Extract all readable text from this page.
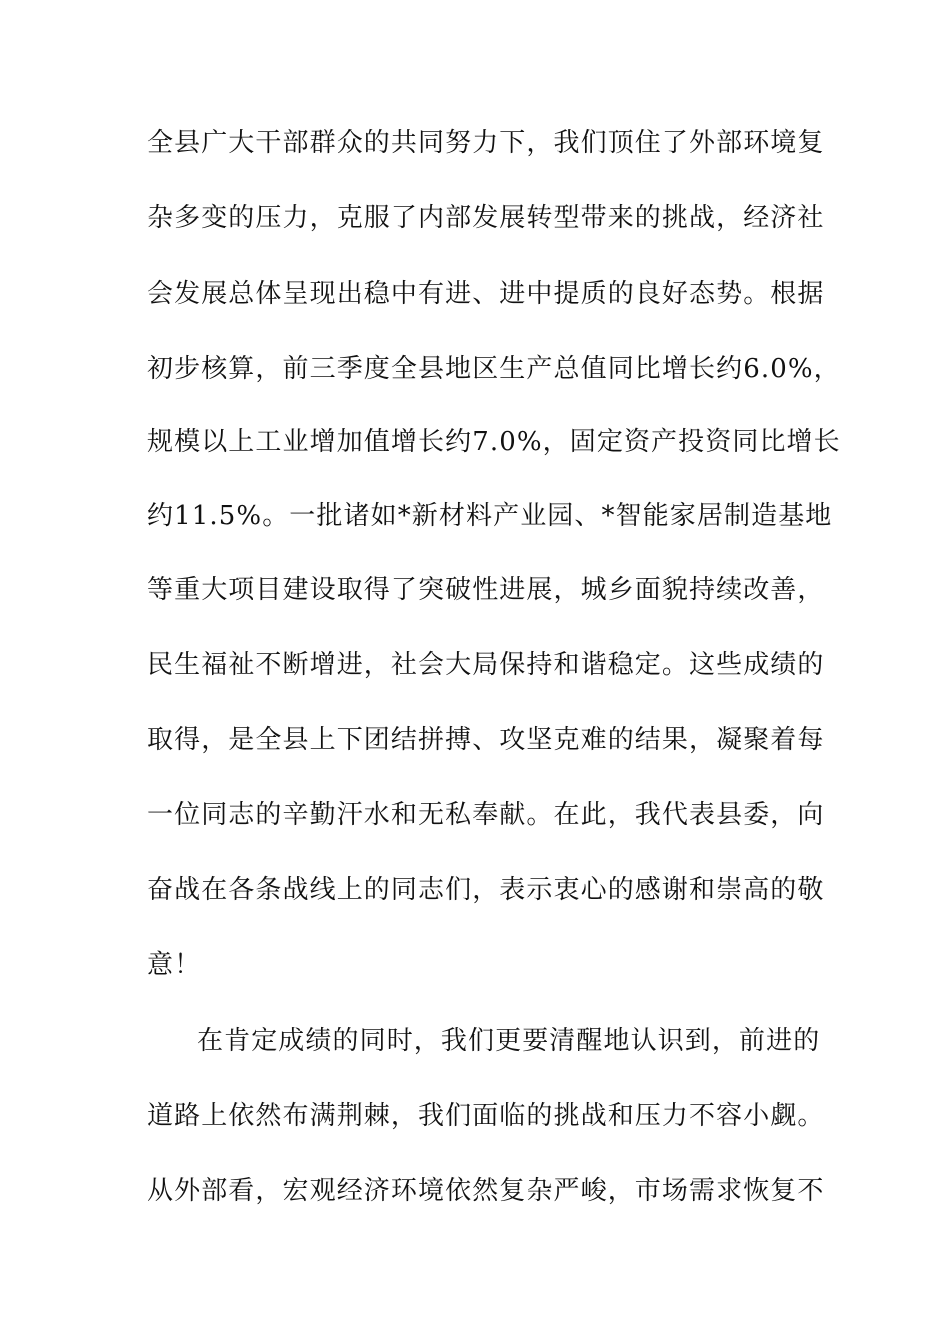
全县广大干部群众的共同努力下，我们顶住了外部环境复
杂多变的压力，克服了内部发展转型带来的挑战，经济社
会发展总体呈现出稳中有进、进中提质的良好态势。根据
初步核算，前三季度全县地区生产总值同比增长约6.0%，
规模以上工业增加值增长约7.0%，固定资产投资同比增长
约11.5%。一批诸如*新材料产业园、*智能家居制造基地
等重大项目建设取得了突破性进展，城乡面貌持续改善，
民生福祉不断增进，社会大局保持和谐稳定。这些成绩的
取得，是全县上下团结拼搏、攻坚克难的结果，凝聚着每
一位同志的辛勤汗水和无私奉献。在此，我代表县委，向
奋战在各条战线上的同志们，表示衷心的感谢和崇高的敬
意！
在肯定成绩的同时，我们更要清醒地认识到，前进的
道路上依然布满荆棘，我们面临的挑战和压力不容小觑。
从外部看，宏观经济环境依然复杂严峻，市场需求恢复不
